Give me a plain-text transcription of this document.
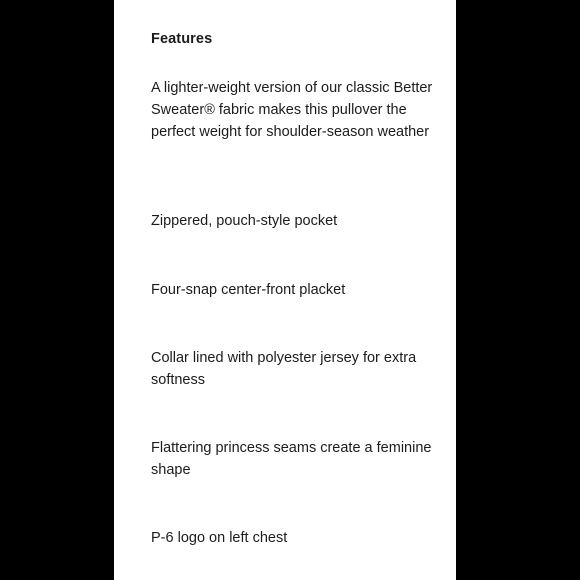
Features

A lighter-weight version of our classic Better Sweater® fabric makes this pullover the perfect weight for shoulder-season weather

Zippered, pouch-style pocket

Four-snap center-front placket

Collar lined with polyester jersey for extra softness

Flattering princess seams create a feminine shape

P-6 logo on left chest
